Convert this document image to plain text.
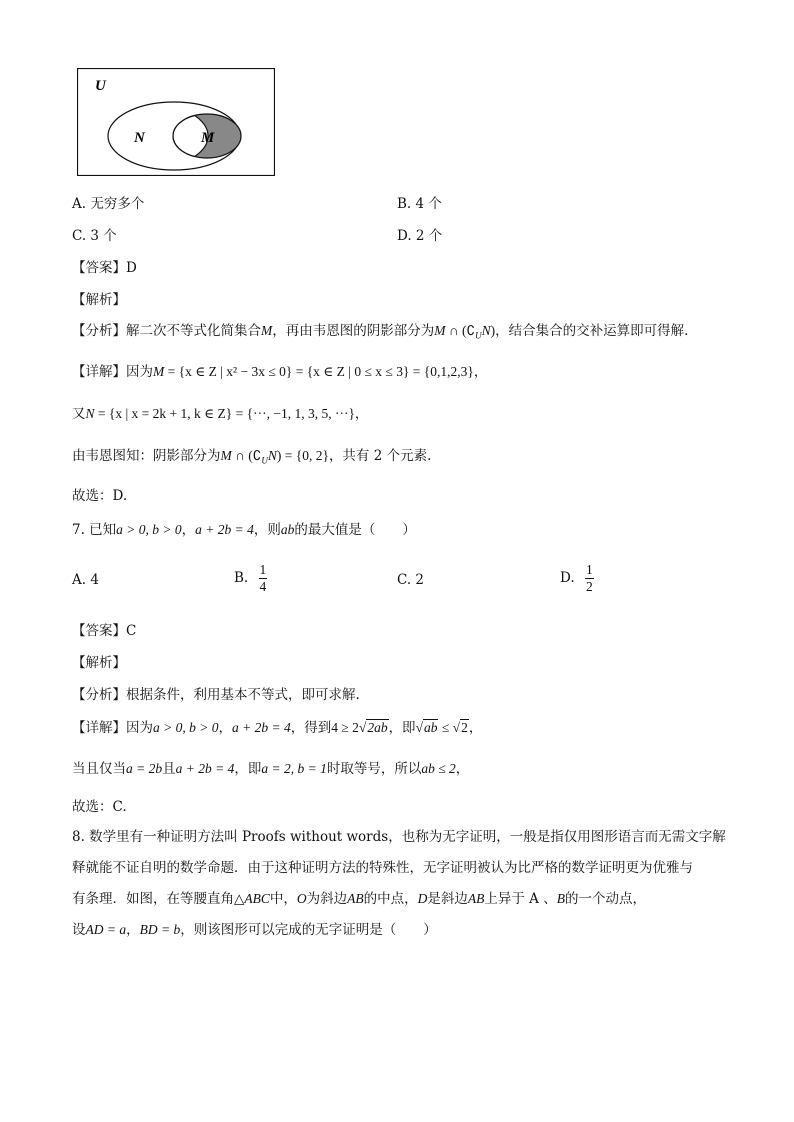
U
N	M
A. 无穷多个	B. 4 个
C. 3 个	D. 2 个
【答案】D
【解析】
【分析】解二次不等式化简集合M，再由韦恩图的阴影部分为M ∩ $(∁_UN)$，结合集合的交补运算即可得解.
【详解】因为M = {x ∈ Z | x² − 3x ≤ 0} = {x ∈ Z | 0 ≤ x ≤ 3} = {0,1,2,3}，
又N = {x | x = 2k + 1, k ∈ Z} = {···, −1, 1, 3, 5, ···}，
由韦恩图知：阴影部分为M ∩ $(∁_UN) = \{0$, 2}，共有 2 个元素.
故选：D.
7. 已知a > 0, b > 0，a + 2b = 4，则ab的最大值是（　　）
A. 4	B. $\frac{1}{4}$	C. 2	D. $\frac{1}{2}$
【答案】C
【解析】
【分析】根据条件，利用基本不等式，即可求解.
【详解】因为a > 0, b > 0，a + 2b = 4，得到4 ≥ 2√2ab，即√ab ≤ √2，
当且仅当a = 2b且a + 2b = 4，即a = 2, b = 1时取等号，所以ab ≤ 2，
故选：C.
8. 数学里有一种证明方法叫 Proofs without words，也称为无字证明，一般是指仅用图形语言而无需文字解
释就能不证自明的数学命题．由于这种证明方法的特殊性，无字证明被认为比严格的数学证明更为优雅与
有条理．如图，在等腰直角△ABC中，O为斜边AB的中点，D是斜边AB上异于 A 、B的一个动点，
设AD = a，BD = b，则该图形可以完成的无字证明是（　　）
